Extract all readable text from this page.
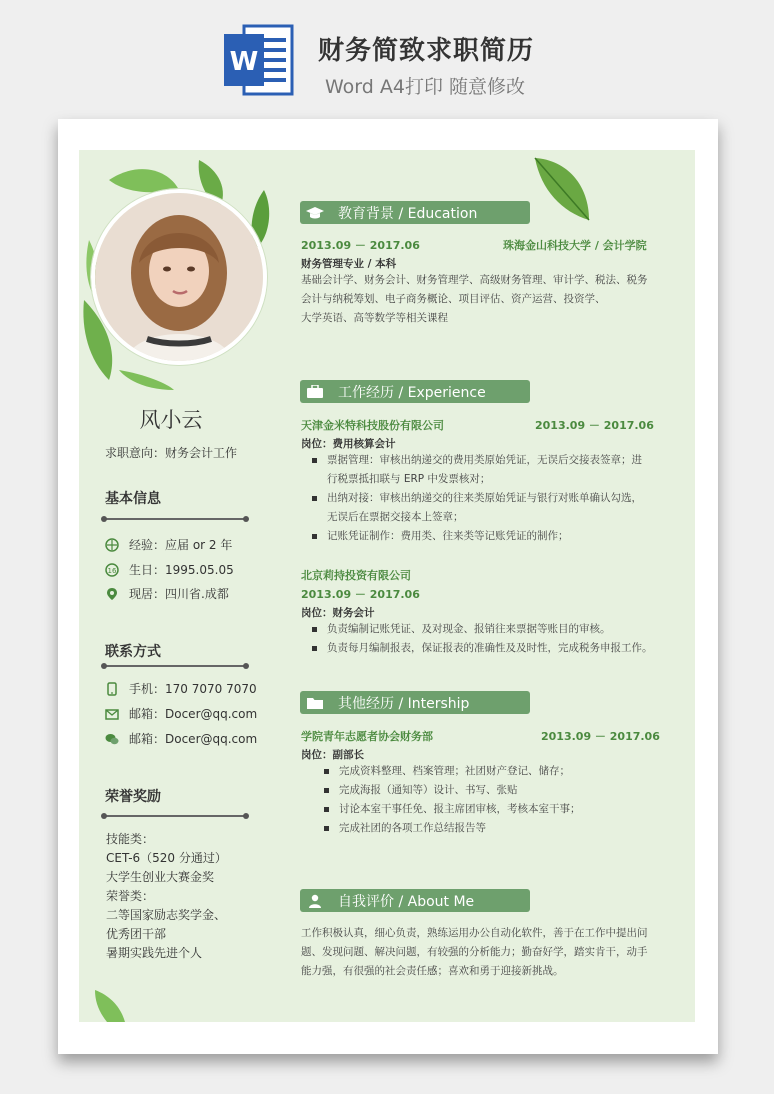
W 财务简致求职简历
Word A4打印 随意修改
风小云
求职意向：财务会计工作
基本信息
经验：应届 or 2 年
16 生日：1995.05.05
现居：四川省.成都
联系方式
手机：170 7070 7070
邮箱：Docer@qq.com
邮箱：Docer@qq.com
荣誉奖励
技能类：
CET-6（520 分通过）
大学生创业大赛金奖
荣誉类：
二等国家励志奖学金、
优秀团干部
暑期实践先进个人
教育背景 / Education
2013.09 － 2017.06	珠海金山科技大学 / 会计学院
财务管理专业 / 本科
基础会计学、财务会计、财务管理学、高级财务管理、审计学、税法、税务
会计与纳税筹划、电子商务概论、项目评估、资产运营、投资学、
大学英语、高等数学等相关课程
工作经历 / Experience
天津金米特科技股份有限公司	2013.09 － 2017.06
岗位：费用核算会计
票据管理：审核出纳递交的费用类原始凭证，无误后交接表签章；进
行税票抵扣联与 ERP 中发票核对；
出纳对接：审核出纳递交的往来类原始凭证与银行对账单确认勾选，
无误后在票据交接本上签章；
记账凭证制作：费用类、往来类等记账凭证的制作；
北京莉持投资有限公司
2013.09 － 2017.06
岗位：财务会计
负责编制记账凭证、及对现金、报销往来票据等账目的审核。
负责每月编制报表，保证报表的准确性及及时性，完成税务申报工作。
其他经历 / Intership
学院青年志愿者协会财务部	2013.09 － 2017.06
岗位：副部长
完成资料整理、档案管理；社团财产登记、储存；
完成海报（通知等）设计、书写、张贴
讨论本室干事任免、报主席团审核，考核本室干事；
完成社团的各项工作总结报告等
自我评价 / About Me
工作积极认真，细心负责，熟练运用办公自动化软件，善于在工作中提出问
题、发现问题、解决问题，有较强的分析能力；勤奋好学，踏实肯干，动手
能力强，有很强的社会责任感；喜欢和勇于迎接新挑战。
